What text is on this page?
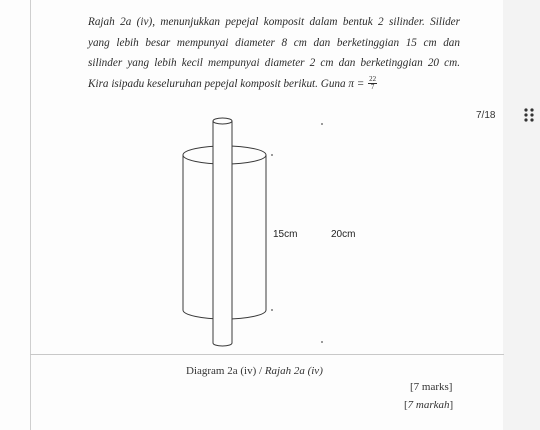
Rajah 2a (iv), menunjukkan pepejal komposit dalam bentuk 2 silinder. Silider
yang lebih besar mempunyai diameter 8 cm dan berketinggian 15 cm dan
silinder yang lebih kecil mempunyai diameter 2 cm dan berketinggian 20 cm.
Kira isipadu keseluruhan pepejal komposit berikut. Guna $\pi = \frac{22}{7}$
7/18
15cm	20cm
Diagram 2a (iv) / Rajah 2a (iv)
[7 marks]
[7 markah]
